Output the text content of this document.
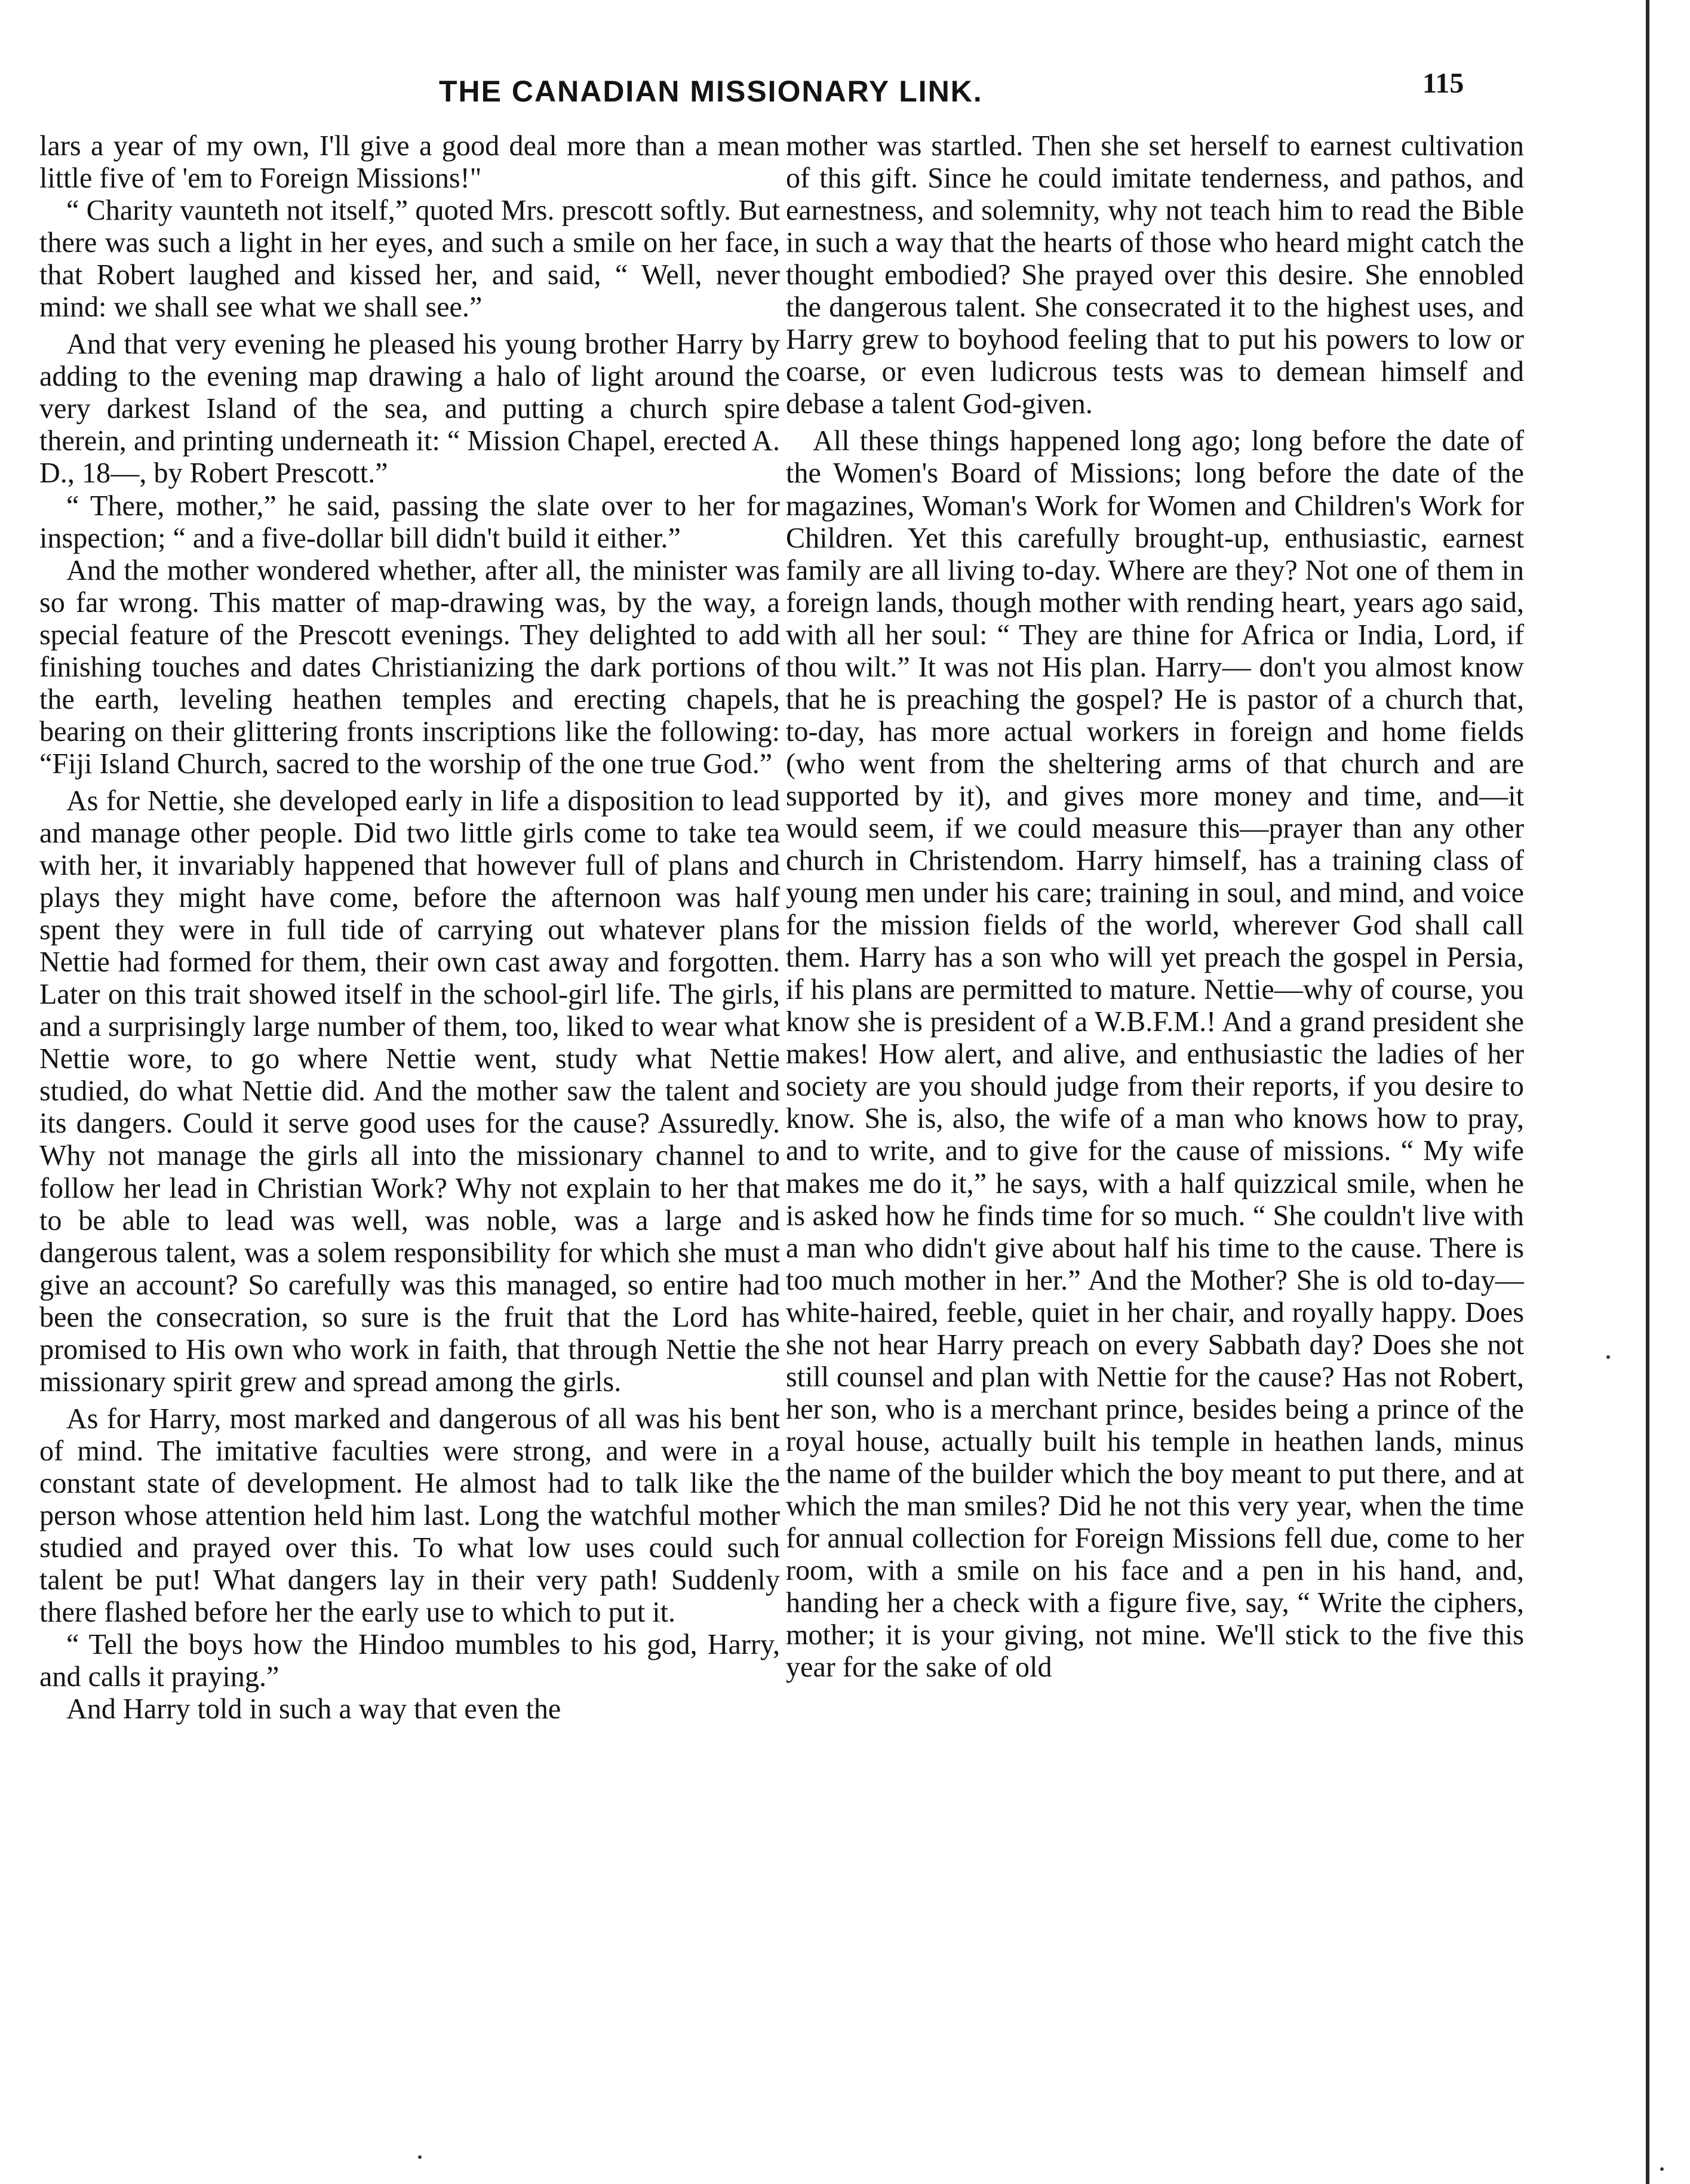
THE CANADIAN MISSIONARY LINK.	115

lars a year of my own, I'll give a good deal more than a mean little five of 'em to Foreign Missions!"

“ Charity vaunteth not itself,” quoted Mrs. prescott softly. But there was such a light in her eyes, and such a smile on her face, that Robert laughed and kissed her, and said, “ Well, never mind: we shall see what we shall see.”

And that very evening he pleased his young brother Harry by adding to the evening map drawing a halo of light around the very darkest Island of the sea, and putting a church spire therein, and printing underneath it: “ Mission Chapel, erected A. D., 18—, by Robert Prescott.”

“ There, mother,” he said, passing the slate over to her for inspection; “ and a five-dollar bill didn't build it either.”

And the mother wondered whether, after all, the minister was so far wrong. This matter of map-drawing was, by the way, a special feature of the Prescott evenings. They delighted to add finishing touches and dates Christianizing the dark portions of the earth, leveling heathen temples and erecting chapels, bearing on their glittering fronts inscriptions like the following: “Fiji Island Church, sacred to the worship of the one true God.”

As for Nettie, she developed early in life a disposition to lead and manage other people. Did two little girls come to take tea with her, it invariably happened that however full of plans and plays they might have come, before the afternoon was half spent they were in full tide of carrying out whatever plans Nettie had formed for them, their own cast away and forgotten. Later on this trait showed itself in the school-girl life. The girls, and a surprisingly large number of them, too, liked to wear what Nettie wore, to go where Nettie went, study what Nettie studied, do what Nettie did. And the mother saw the talent and its dangers. Could it serve good uses for the cause? Assuredly. Why not manage the girls all into the missionary channel to follow her lead in Christian Work? Why not explain to her that to be able to lead was well, was noble, was a large and dangerous talent, was a solem responsibility for which she must give an account? So carefully was this managed, so entire had been the consecration, so sure is the fruit that the Lord has promised to His own who work in faith, that through Nettie the missionary spirit grew and spread among the girls.

As for Harry, most marked and dangerous of all was his bent of mind. The imitative faculties were strong, and were in a constant state of development. He almost had to talk like the person whose attention held him last. Long the watchful mother studied and prayed over this. To what low uses could such talent be put! What dangers lay in their very path! Suddenly there flashed before her the early use to which to put it.

“ Tell the boys how the Hindoo mumbles to his god, Harry, and calls it praying.”

And Harry told in such a way that even the

mother was startled. Then she set herself to earnest cultivation of this gift. Since he could imitate tenderness, and pathos, and earnestness, and solemnity, why not teach him to read the Bible in such a way that the hearts of those who heard might catch the thought embodied? She prayed over this desire. She ennobled the dangerous talent. She consecrated it to the highest uses, and Harry grew to boyhood feeling that to put his powers to low or coarse, or even ludicrous tests was to demean himself and debase a talent God-given.

All these things happened long ago; long before the date of the Women's Board of Missions; long before the date of the magazines, Woman's Work for Women and Children's Work for Children. Yet this carefully brought-up, enthusiastic, earnest family are all living to-day. Where are they? Not one of them in foreign lands, though mother with rending heart, years ago said, with all her soul: “ They are thine for Africa or India, Lord, if thou wilt.” It was not His plan. Harry— don't you almost know that he is preaching the gospel? He is pastor of a church that, to-day, has more actual workers in foreign and home fields (who went from the sheltering arms of that church and are supported by it), and gives more money and time, and—it would seem, if we could measure this—prayer than any other church in Christendom. Harry himself, has a training class of young men under his care; training in soul, and mind, and voice for the mission fields of the world, wherever God shall call them. Harry has a son who will yet preach the gospel in Persia, if his plans are permitted to mature. Nettie—why of course, you know she is president of a W.B.F.M.! And a grand president she makes! How alert, and alive, and enthusiastic the ladies of her society are you should judge from their reports, if you desire to know. She is, also, the wife of a man who knows how to pray, and to write, and to give for the cause of missions. “ My wife makes me do it,” he says, with a half quizzical smile, when he is asked how he finds time for so much. “ She couldn't live with a man who didn't give about half his time to the cause. There is too much mother in her.” And the Mother? She is old to-day—white-haired, feeble, quiet in her chair, and royally happy. Does she not hear Harry preach on every Sabbath day? Does she not still counsel and plan with Nettie for the cause? Has not Robert, her son, who is a merchant prince, besides being a prince of the royal house, actually built his temple in heathen lands, minus the name of the builder which the boy meant to put there, and at which the man smiles? Did he not this very year, when the time for annual collection for Foreign Missions fell due, come to her room, with a smile on his face and a pen in his hand, and, handing her a check with a figure five, say, “ Write the ciphers, mother; it is your giving, not mine. We'll stick to the five this year for the sake of old
